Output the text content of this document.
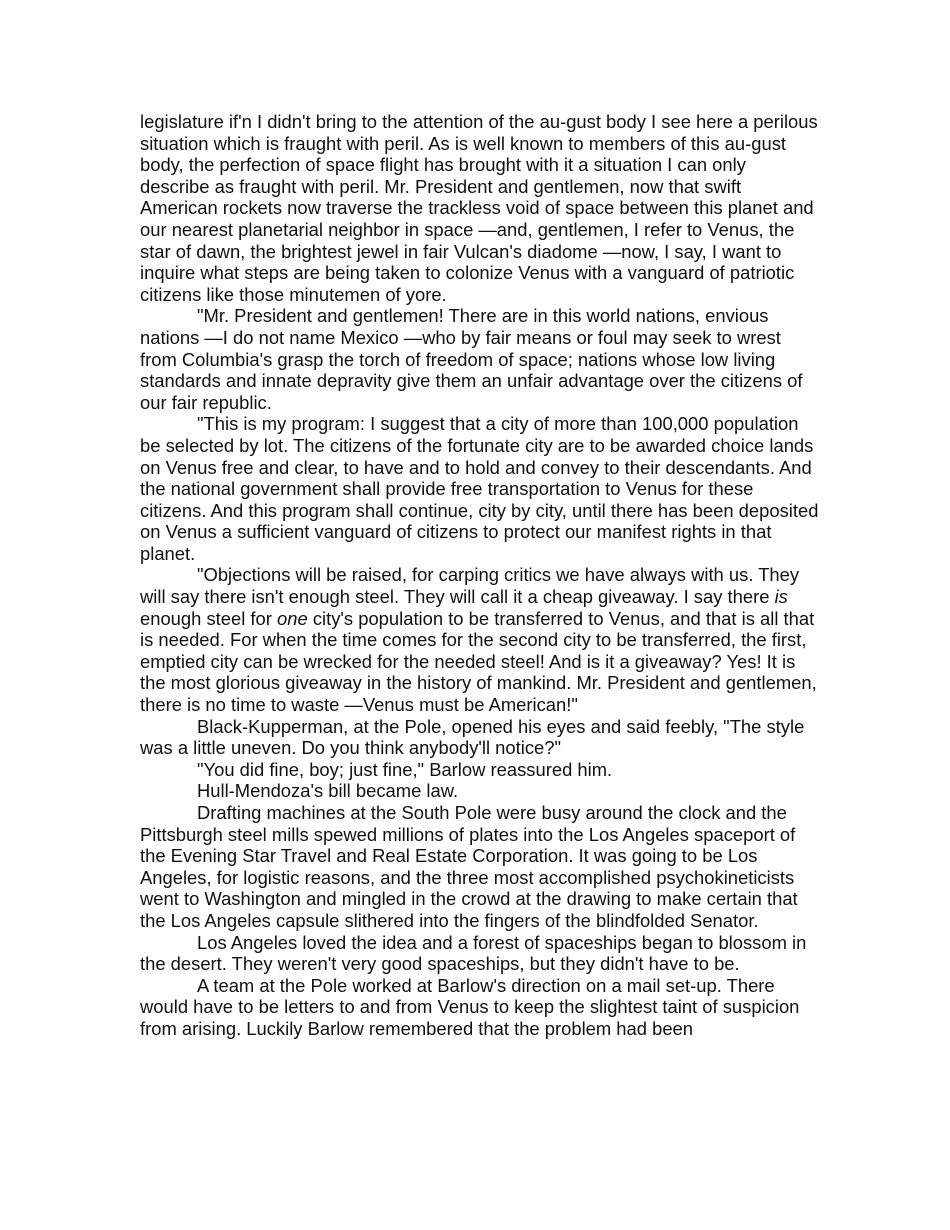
legislature if'n I didn't bring to the attention of the au-gust body I see here a perilous situation which is fraught with peril. As is well known to members of this au-gust body, the perfection of space flight has brought with it a situation I can only describe as fraught with peril. Mr. President and gentlemen, now that swift American rockets now traverse the trackless void of space between this planet and our nearest planetarial neighbor in space —and, gentlemen, I refer to Venus, the star of dawn, the brightest jewel in fair Vulcan's diadome —now, I say, I want to inquire what steps are being taken to colonize Venus with a vanguard of patriotic citizens like those minutemen of yore.

"Mr. President and gentlemen! There are in this world nations, envious nations —I do not name Mexico —who by fair means or foul may seek to wrest from Columbia's grasp the torch of freedom of space; nations whose low living standards and innate depravity give them an unfair advantage over the citizens of our fair republic.

"This is my program: I suggest that a city of more than 100,000 population be selected by lot. The citizens of the fortunate city are to be awarded choice lands on Venus free and clear, to have and to hold and convey to their descendants. And the national government shall provide free transportation to Venus for these citizens. And this program shall continue, city by city, until there has been deposited on Venus a sufficient vanguard of citizens to protect our manifest rights in that planet.

"Objections will be raised, for carping critics we have always with us. They will say there isn't enough steel. They will call it a cheap giveaway. I say there is enough steel for one city's population to be transferred to Venus, and that is all that is needed. For when the time comes for the second city to be transferred, the first, emptied city can be wrecked for the needed steel! And is it a giveaway? Yes! It is the most glorious giveaway in the history of mankind. Mr. President and gentlemen, there is no time to waste —Venus must be American!"

Black-Kupperman, at the Pole, opened his eyes and said feebly, "The style was a little uneven. Do you think anybody'll notice?"

"You did fine, boy; just fine," Barlow reassured him.

Hull-Mendoza's bill became law.

Drafting machines at the South Pole were busy around the clock and the Pittsburgh steel mills spewed millions of plates into the Los Angeles spaceport of the Evening Star Travel and Real Estate Corporation. It was going to be Los Angeles, for logistic reasons, and the three most accomplished psychokineticists went to Washington and mingled in the crowd at the drawing to make certain that the Los Angeles capsule slithered into the fingers of the blindfolded Senator.

Los Angeles loved the idea and a forest of spaceships began to blossom in the desert. They weren't very good spaceships, but they didn't have to be.

A team at the Pole worked at Barlow's direction on a mail set-up. There would have to be letters to and from Venus to keep the slightest taint of suspicion from arising. Luckily Barlow remembered that the problem had been
